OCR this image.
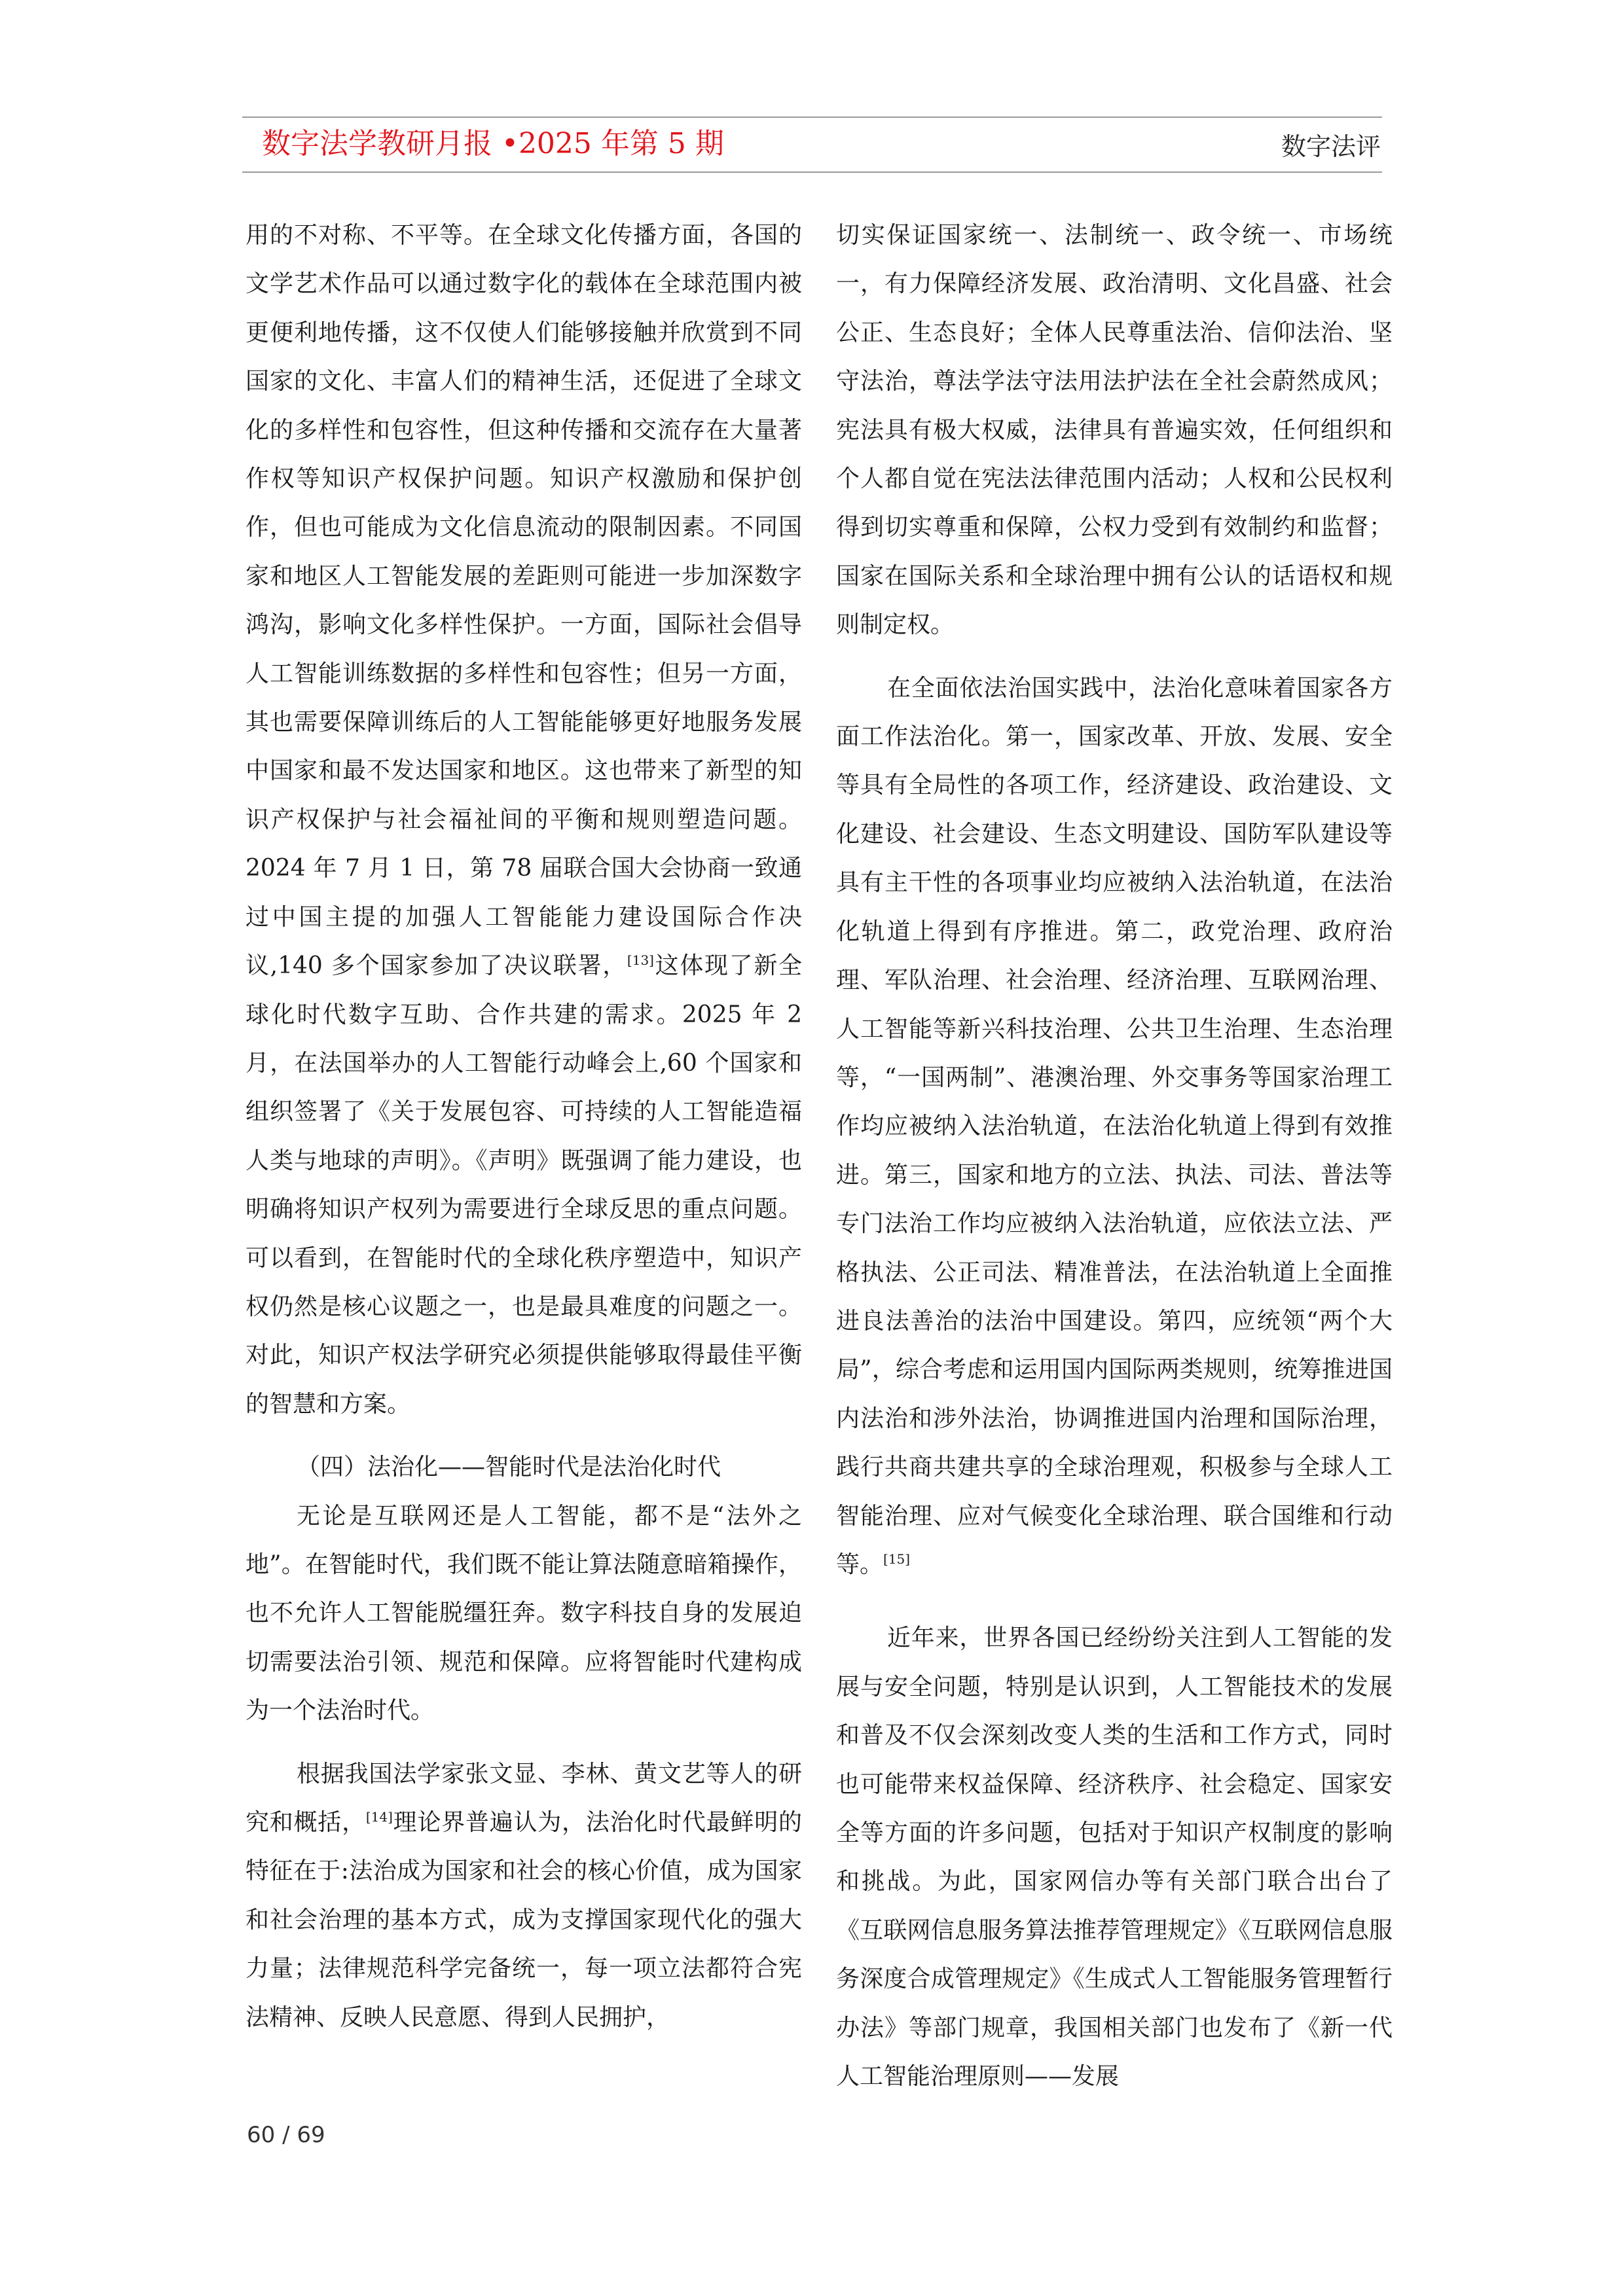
数字法学教研月报 •2025 年第 5 期	数字法评

用的不对称、不平等。在全球文化传播方面，各国的文学艺术作品可以通过数字化的载体在全球范围内被更便利地传播，这不仅使人们能够接触并欣赏到不同国家的文化、丰富人们的精神生活，还促进了全球文化的多样性和包容性，但这种传播和交流存在大量著作权等知识产权保护问题。知识产权激励和保护创作，但也可能成为文化信息流动的限制因素。不同国家和地区人工智能发展的差距则可能进一步加深数字鸿沟，影响文化多样性保护。一方面，国际社会倡导人工智能训练数据的多样性和包容性；但另一方面，其也需要保障训练后的人工智能能够更好地服务发展中国家和最不发达国家和地区。这也带来了新型的知识产权保护与社会福祉间的平衡和规则塑造问题。2024 年 7 月 1 日，第 78 届联合国大会协商一致通过中国主提的加强人工智能能力建设国际合作决议,140 多个国家参加了决议联署，[13]这体现了新全球化时代数字互助、合作共建的需求。2025 年 2 月，在法国举办的人工智能行动峰会上,60 个国家和组织签署了《关于发展包容、可持续的人工智能造福人类与地球的声明》。《声明》既强调了能力建设，也明确将知识产权列为需要进行全球反思的重点问题。可以看到，在智能时代的全球化秩序塑造中，知识产权仍然是核心议题之一，也是最具难度的问题之一。对此，知识产权法学研究必须提供能够取得最佳平衡的智慧和方案。

（四）法治化——智能时代是法治化时代

无论是互联网还是人工智能，都不是“法外之地”。在智能时代，我们既不能让算法随意暗箱操作，也不允许人工智能脱缰狂奔。数字科技自身的发展迫切需要法治引领、规范和保障。应将智能时代建构成为一个法治时代。

根据我国法学家张文显、李林、黄文艺等人的研究和概括，[14]理论界普遍认为，法治化时代最鲜明的特征在于:法治成为国家和社会的核心价值，成为国家和社会治理的基本方式，成为支撑国家现代化的强大力量；法律规范科学完备统一，每一项立法都符合宪法精神、反映人民意愿、得到人民拥护，

切实保证国家统一、法制统一、政令统一、市场统一，有力保障经济发展、政治清明、文化昌盛、社会公正、生态良好；全体人民尊重法治、信仰法治、坚守法治，尊法学法守法用法护法在全社会蔚然成风；宪法具有极大权威，法律具有普遍实效，任何组织和个人都自觉在宪法法律范围内活动；人权和公民权利得到切实尊重和保障，公权力受到有效制约和监督；国家在国际关系和全球治理中拥有公认的话语权和规则制定权。

在全面依法治国实践中，法治化意味着国家各方面工作法治化。第一，国家改革、开放、发展、安全等具有全局性的各项工作，经济建设、政治建设、文化建设、社会建设、生态文明建设、国防军队建设等具有主干性的各项事业均应被纳入法治轨道，在法治化轨道上得到有序推进。第二，政党治理、政府治理、军队治理、社会治理、经济治理、互联网治理、人工智能等新兴科技治理、公共卫生治理、生态治理等，“一国两制”、港澳治理、外交事务等国家治理工作均应被纳入法治轨道，在法治化轨道上得到有效推进。第三，国家和地方的立法、执法、司法、普法等专门法治工作均应被纳入法治轨道，应依法立法、严格执法、公正司法、精准普法，在法治轨道上全面推进良法善治的法治中国建设。第四，应统领“两个大局”，综合考虑和运用国内国际两类规则，统筹推进国内法治和涉外法治，协调推进国内治理和国际治理，践行共商共建共享的全球治理观，积极参与全球人工智能治理、应对气候变化全球治理、联合国维和行动等。[15]

近年来，世界各国已经纷纷关注到人工智能的发展与安全问题，特别是认识到，人工智能技术的发展和普及不仅会深刻改变人类的生活和工作方式，同时也可能带来权益保障、经济秩序、社会稳定、国家安全等方面的许多问题，包括对于知识产权制度的影响和挑战。为此，国家网信办等有关部门联合出台了《互联网信息服务算法推荐管理规定》《互联网信息服务深度合成管理规定》《生成式人工智能服务管理暂行办法》等部门规章，我国相关部门也发布了《新一代人工智能治理原则——发展

60 / 69
